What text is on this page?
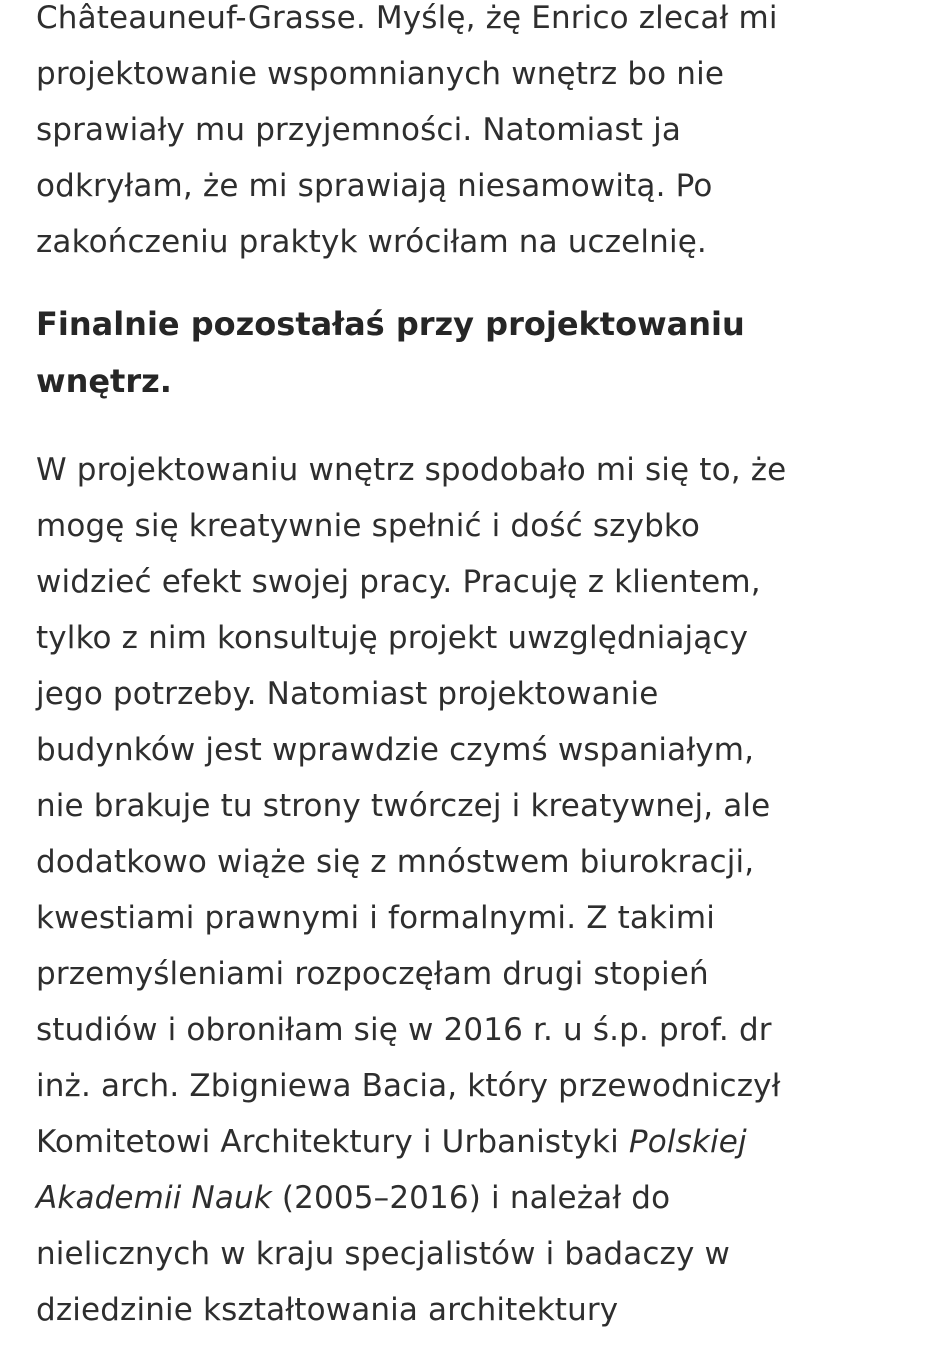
Châteauneuf-Grasse. Myślę, żę Enrico zlecał mi
projektowanie wspomnianych wnętrz bo nie
sprawiały mu przyjemności. Natomiast ja
odkryłam, że mi sprawiają niesamowitą. Po
zakończeniu praktyk wróciłam na uczelnię.

Finalnie pozostałaś przy projektowaniu
wnętrz.

W projektowaniu wnętrz spodobało mi się to, że
mogę się kreatywnie spełnić i dość szybko
widzieć efekt swojej pracy. Pracuję z klientem,
tylko z nim konsultuję projekt uwzględniający
jego potrzeby. Natomiast projektowanie
budynków jest wprawdzie czymś wspaniałym,
nie brakuje tu strony twórczej i kreatywnej, ale
dodatkowo wiąże się z mnóstwem biurokracji,
kwestiami prawnymi i formalnymi. Z takimi
przemyśleniami rozpoczęłam drugi stopień
studiów i obroniłam się w 2016 r. u ś.p. prof. dr
inż. arch. Zbigniewa Bacia, który przewodniczył
Komitetowi Architektury i Urbanistyki Polskiej
Akademii Nauk (2005–2016) i należał do
nielicznych w kraju specjalistów i badaczy w
dziedzinie kształtowania architektury
